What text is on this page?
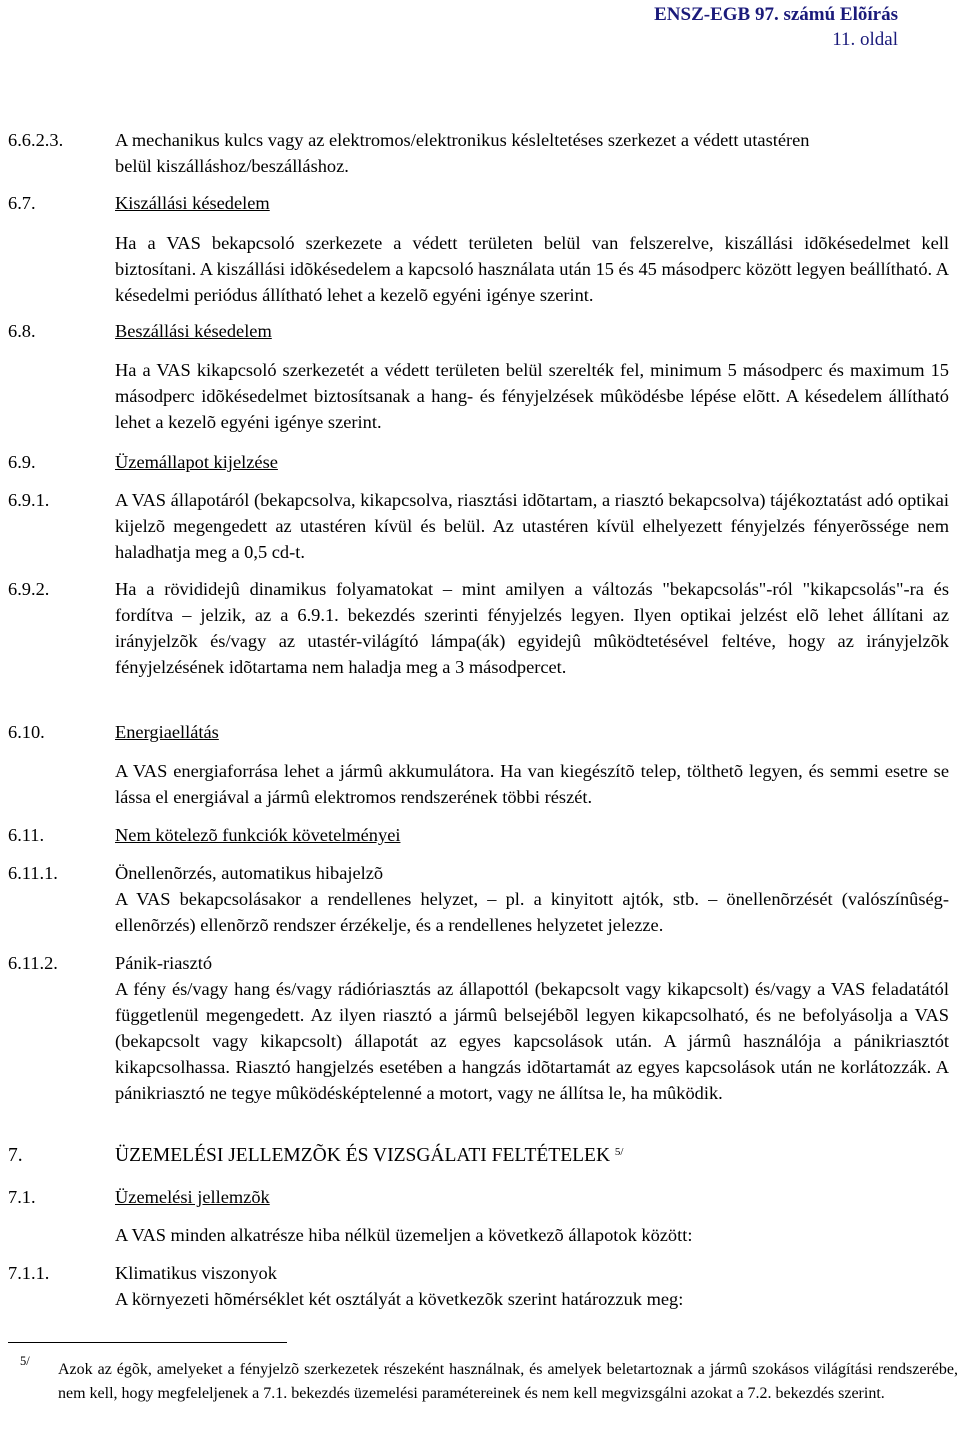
ENSZ-EGB 97. számú Elõírás
11. oldal
6.6.2.3.	A mechanikus kulcs vagy az elektromos/elektronikus késleltetéses szerkezet a védett utastéren

belül kiszálláshoz/beszálláshoz.

6.7.	Kiszállási késedelem

Ha a VAS bekapcsoló szerkezete a védett területen belül van felszerelve, kiszállási idõkésedelmet kell biztosítani. A kiszállási idõkésedelem a kapcsoló használata után 15 és 45 másodperc között legyen beállítható. A késedelmi periódus állítható lehet a kezelõ egyéni igénye szerint.

6.8.	Beszállási késedelem

Ha a VAS kikapcsoló szerkezetét a védett területen belül szerelték fel, minimum 5 másodperc és maximum 15 másodperc idõkésedelmet biztosítsanak a hang- és fényjelzések mûködésbe lépése elõtt. A késedelem állítható lehet a kezelõ egyéni igénye szerint.

6.9.	Üzemállapot kijelzése
6.9.1.	A VAS állapotáról (bekapcsolva, kikapcsolva, riasztási idõtartam, a riasztó bekapcsolva) tájékoztatást adó optikai kijelzõ megengedett az utastéren kívül és belül. Az utastéren kívül elhelyezett fényjelzés fényerõssége nem haladhatja meg a 0,5 cd-t.

6.9.2.	Ha a rövididejû dinamikus folyamatokat – mint amilyen a változás "bekapcsolás"-ról "kikapcsolás"-ra és fordítva – jelzik, az a 6.9.1. bekezdés szerinti fényjelzés legyen. Ilyen optikai jelzést elõ lehet állítani az irányjelzõk és/vagy az utastér-világító lámpa(ák) egyidejû mûködtetésével feltéve, hogy az irányjelzõk fényjelzésének idõtartama nem haladja meg a 3 másodpercet.

6.10.	Energiaellátás

A VAS energiaforrása lehet a jármû akkumulátora. Ha van kiegészítõ telep, tölthetõ legyen, és semmi esetre se lássa el energiával a jármû elektromos rendszerének többi részét.

6.11.	Nem kötelezõ funkciók követelményei
6.11.1.	Önellenõrzés, automatikus hibajelzõ

A VAS bekapcsolásakor a rendellenes helyzet, – pl. a kinyitott ajtók, stb. – önellenõrzését (valószínûség-ellenõrzés) ellenõrzõ rendszer érzékelje, és a rendellenes helyzetet jelezze.

6.11.2.	Pánik-riasztó

A fény és/vagy hang és/vagy rádióriasztás az állapottól (bekapcsolt vagy kikapcsolt) és/vagy a VAS feladatától függetlenül megengedett. Az ilyen riasztó a jármû belsejébõl legyen kikapcsolható, és ne befolyásolja a VAS (bekapcsolt vagy kikapcsolt) állapotát az egyes kapcsolások után. A jármû használója a pánikriasztót kikapcsolhassa. Riasztó hangjelzés esetében a hangzás idõtartamát az egyes kapcsolások után ne korlátozzák. A pánikriasztó ne tegye mûködésképtelenné a motort, vagy ne állítsa le, ha mûködik.

7.	ÜZEMELÉSI JELLEMZÕK ÉS VIZSGÁLATI FELTÉTELEK $^{5/}$
7.1.	Üzemelési jellemzõk

A VAS minden alkatrésze hiba nélkül üzemeljen a következõ állapotok között:

7.1.1.	Klimatikus viszonyok

A környezeti hõmérséklet két osztályát a következõk szerint határozzuk meg:

5/ Azok az égõk, amelyeket a fényjelzõ szerkezetek részeként használnak, és amelyek beletartoznak a jármû szokásos világítási rendszerébe, nem kell, hogy megfeleljenek a 7.1. bekezdés üzemelési paramétereinek és nem kell megvizsgálni azokat a 7.2. bekezdés szerint.
